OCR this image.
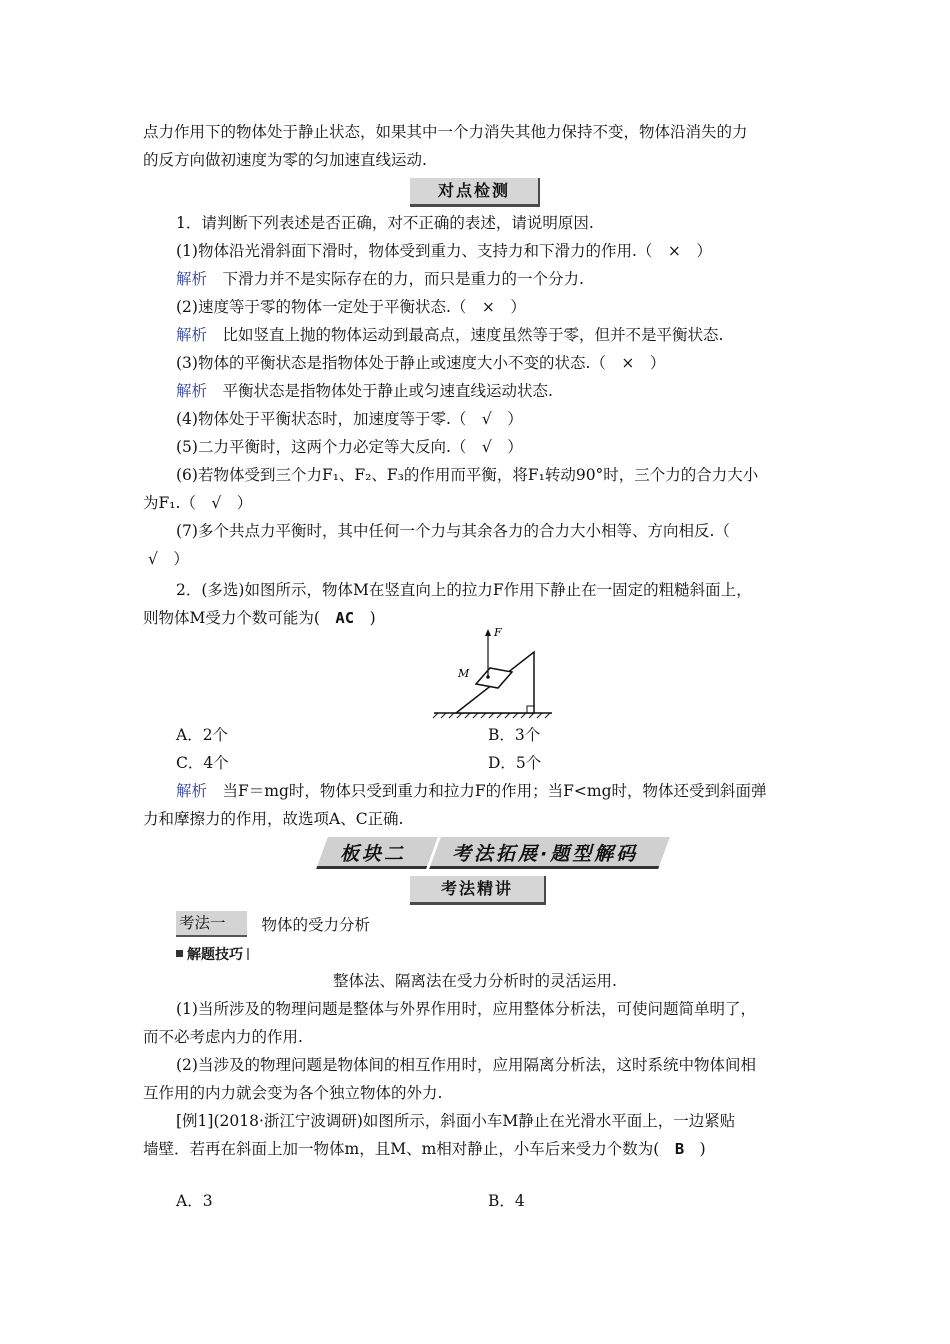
点力作用下的物体处于静止状态，如果其中一个力消失其他力保持不变，物体沿消失的力
的反方向做初速度为零的匀加速直线运动.
对点检测
1．请判断下列表述是否正确，对不正确的表述，请说明原因.
(1)物体沿光滑斜面下滑时，物体受到重力、支持力和下滑力的作用.（　×　）
解析　下滑力并不是实际存在的力，而只是重力的一个分力.
(2)速度等于零的物体一定处于平衡状态.（　×　）
解析　比如竖直上抛的物体运动到最高点，速度虽然等于零，但并不是平衡状态.
(3)物体的平衡状态是指物体处于静止或速度大小不变的状态.（　×　）
解析　平衡状态是指物体处于静止或匀速直线运动状态.
(4)物体处于平衡状态时，加速度等于零.（　√　）
(5)二力平衡时，这两个力必定等大反向.（　√　）
(6)若物体受到三个力F₁、F₂、F₃的作用而平衡，将F₁转动90°时，三个力的合力大小
为F₁.（　√　）
(7)多个共点力平衡时，其中任何一个力与其余各力的合力大小相等、方向相反.（
√　）
2．(多选)如图所示，物体M在竖直向上的拉力F作用下静止在一固定的粗糙斜面上，
则物体M受力个数可能为(　AC　)
F
M
A．2个	B．3个
C．4个	D．5个
解析　当F＝mg时，物体只受到重力和拉力F的作用；当F<mg时，物体还受到斜面弹
力和摩擦力的作用，故选项A、C正确.
板块二 考法拓展·题型解码
考法精讲
考法一	　物体的受力分析
解题技巧
整体法、隔离法在受力分析时的灵活运用.
(1)当所涉及的物理问题是整体与外界作用时，应用整体分析法，可使问题简单明了，
而不必考虑内力的作用.
(2)当涉及的物理问题是物体间的相互作用时，应用隔离分析法，这时系统中物体间相
互作用的内力就会变为各个独立物体的外力.
[例1](2018·浙江宁波调研)如图所示，斜面小车M静止在光滑水平面上，一边紧贴
墙壁．若再在斜面上加一物体m，且M、m相对静止，小车后来受力个数为(　B　)
A．3	B．4
